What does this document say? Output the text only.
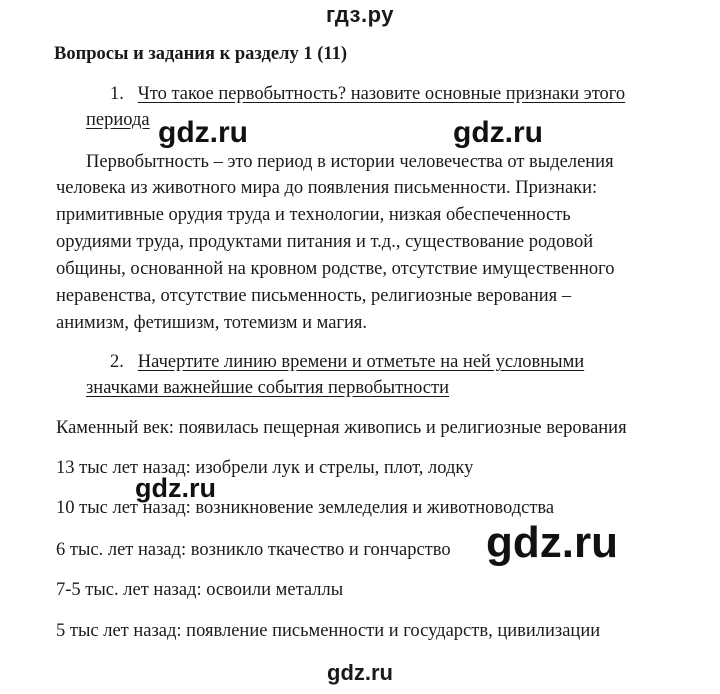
гдз.ру
Вопросы и задания к разделу 1 (11)
1. Что такое первобытность? назовите основные признаки этого
периода
Первобытность – это период в истории человечества от выделения
человека из животного мира до появления письменности. Признаки:
примитивные орудия труда и технологии, низкая обеспеченность
орудиями труда, продуктами питания и т.д., существование родовой
общины, основанной на кровном родстве, отсутствие имущественного
неравенства, отсутствие письменность, религиозные верования –
анимизм, фетишизм, тотемизм и магия.
2. Начертите линию времени и отметьте на ней условными
значками важнейшие события первобытности
Каменный век: появилась пещерная живопись и религиозные верования
13 тыс лет назад: изобрели лук и стрелы, плот, лодку
10 тыс лет назад: возникновение земледелия и животноводства
6 тыс. лет назад: возникло ткачество и гончарство
7-5 тыс. лет назад: освоили металлы
5 тыс лет назад: появление письменности и государств, цивилизации
gdz.ru	gdz.ru
gdz.ru
gdz.ru
gdz.ru
